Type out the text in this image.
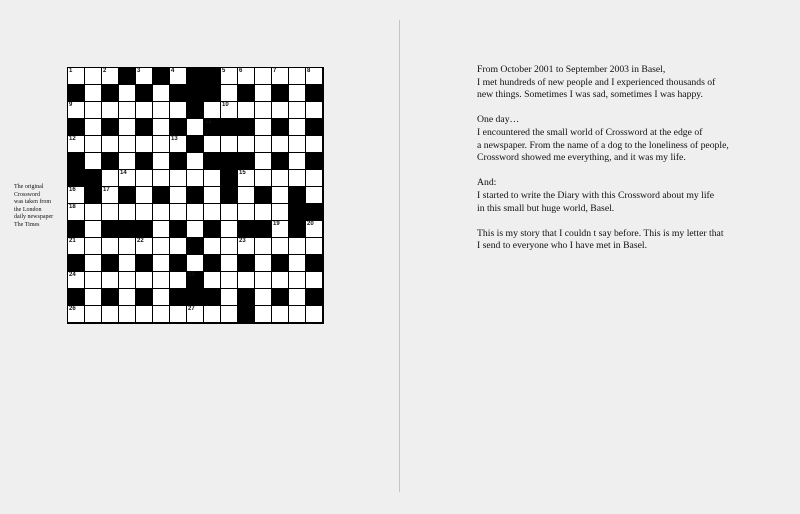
The original
Crossword
was taken from
the London
daily newspaper
The Times
1	2	3	4	5 6	7	8
9	10
11
12	13
14	15
16	17
18
19	20
21	22	23
24	25
26	27

From October 2001 to September 2003 in Basel,
I met hundreds of new people and I experienced thousands of
new things. Sometimes I was sad, sometimes I was happy.

One day…
I encountered the small world of Crossword at the edge of
a newspaper. From the name of a dog to the loneliness of people,
Crossword showed me everything, and it was my life.

And:
I started to write the Diary with this Crossword about my life
in this small but huge world, Basel.

This is my story that I couldn t say before. This is my letter that
I send to everyone who I have met in Basel.
